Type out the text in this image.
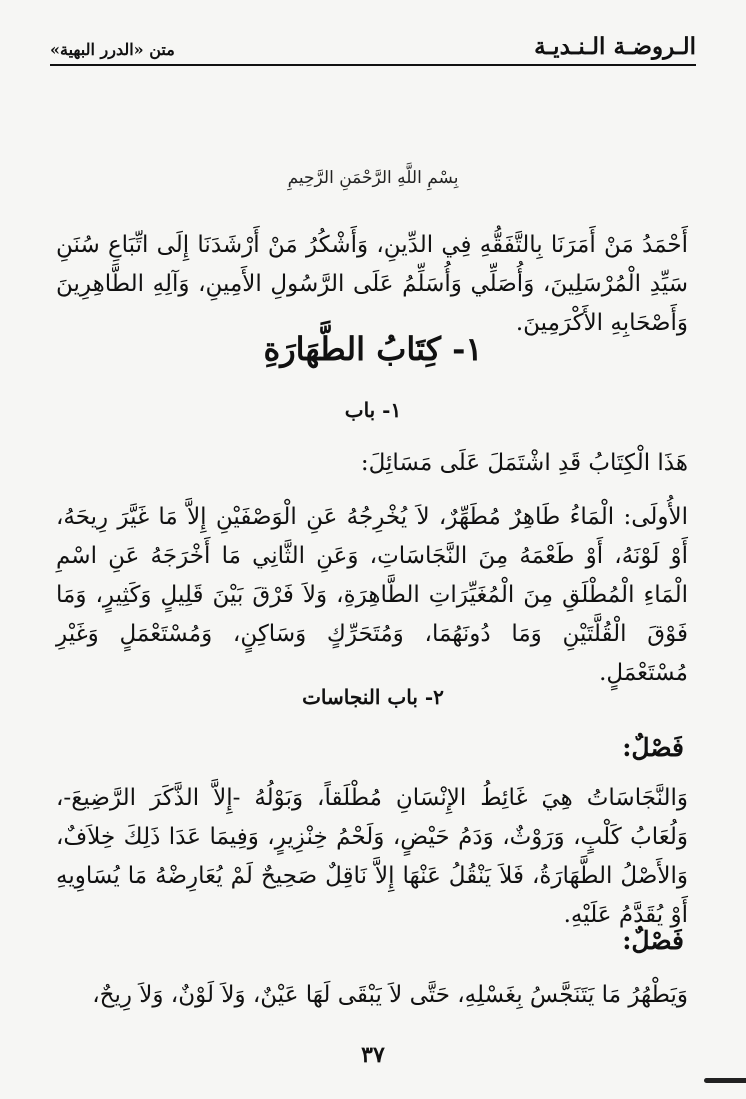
الـروضـة الـنـديـة
متن «الدرر البهية»
بِسْمِ اللَّهِ الرَّحْمَنِ الرَّحِيمِ

أَحْمَدُ مَنْ أَمَرَنَا بِالتَّفَقُّهِ فِي الدِّينِ، وَأَشْكُرُ مَنْ أَرْشَدَنَا إِلَى اتِّبَاعِ سُنَنِ سَيِّدِ الْمُرْسَلِينَ، وَأُصَلِّي وَأُسَلِّمُ عَلَى الرَّسُولِ الأَمِينِ، وَآلِهِ الطَّاهِرِينَ وَأَصْحَابِهِ الأَكْرَمِينَ.

١- كِتَابُ الطَّهَارَةِ
١- باب

هَذَا الْكِتَابُ قَدِ اشْتَمَلَ عَلَى مَسَائِلَ:

الأُولَى: الْمَاءُ طَاهِرٌ مُطَهِّرٌ، لاَ يُخْرِجُهُ عَنِ الْوَصْفَيْنِ إِلاَّ مَا غَيَّرَ رِيحَهُ، أَوْ لَوْنَهُ، أَوْ طَعْمَهُ مِنَ النَّجَاسَاتِ، وَعَنِ الثَّانِي مَا أَخْرَجَهُ عَنِ اسْمِ الْمَاءِ الْمُطْلَقِ مِنَ الْمُغَيِّرَاتِ الطَّاهِرَةِ، وَلاَ فَرْقَ بَيْنَ قَلِيلٍ وَكَثِيرٍ، وَمَا فَوْقَ الْقُلَّتَيْنِ وَمَا دُونَهُمَا، وَمُتَحَرِّكٍ وَسَاكِنٍ، وَمُسْتَعْمَلٍ وَغَيْرِ مُسْتَعْمَلٍ.

٢- باب النجاسات

فَصْلٌ:

وَالنَّجَاسَاتُ هِيَ غَائِطُ الإِنْسَانِ مُطْلَقاً، وَبَوْلُهُ -إِلاَّ الذَّكَرَ الرَّضِيعَ-، وَلُعَابُ كَلْبٍ، وَرَوْثٌ، وَدَمُ حَيْضٍ، وَلَحْمُ خِنْزِيرٍ، وَفِيمَا عَدَا ذَلِكَ خِلاَفٌ، وَالأَصْلُ الطَّهَارَةُ، فَلاَ يَنْقُلُ عَنْهَا إِلاَّ نَاقِلٌ صَحِيحٌ لَمْ يُعَارِضْهُ مَا يُسَاوِيهِ أَوْ يُقَدَّمُ عَلَيْهِ.

فَصْلٌ:

وَيَطْهُرُ مَا يَتَنَجَّسُ بِغَسْلِهِ، حَتَّى لاَ يَبْقَى لَهَا عَيْنٌ، وَلاَ لَوْنٌ، وَلاَ رِيحٌ،

٣٧
